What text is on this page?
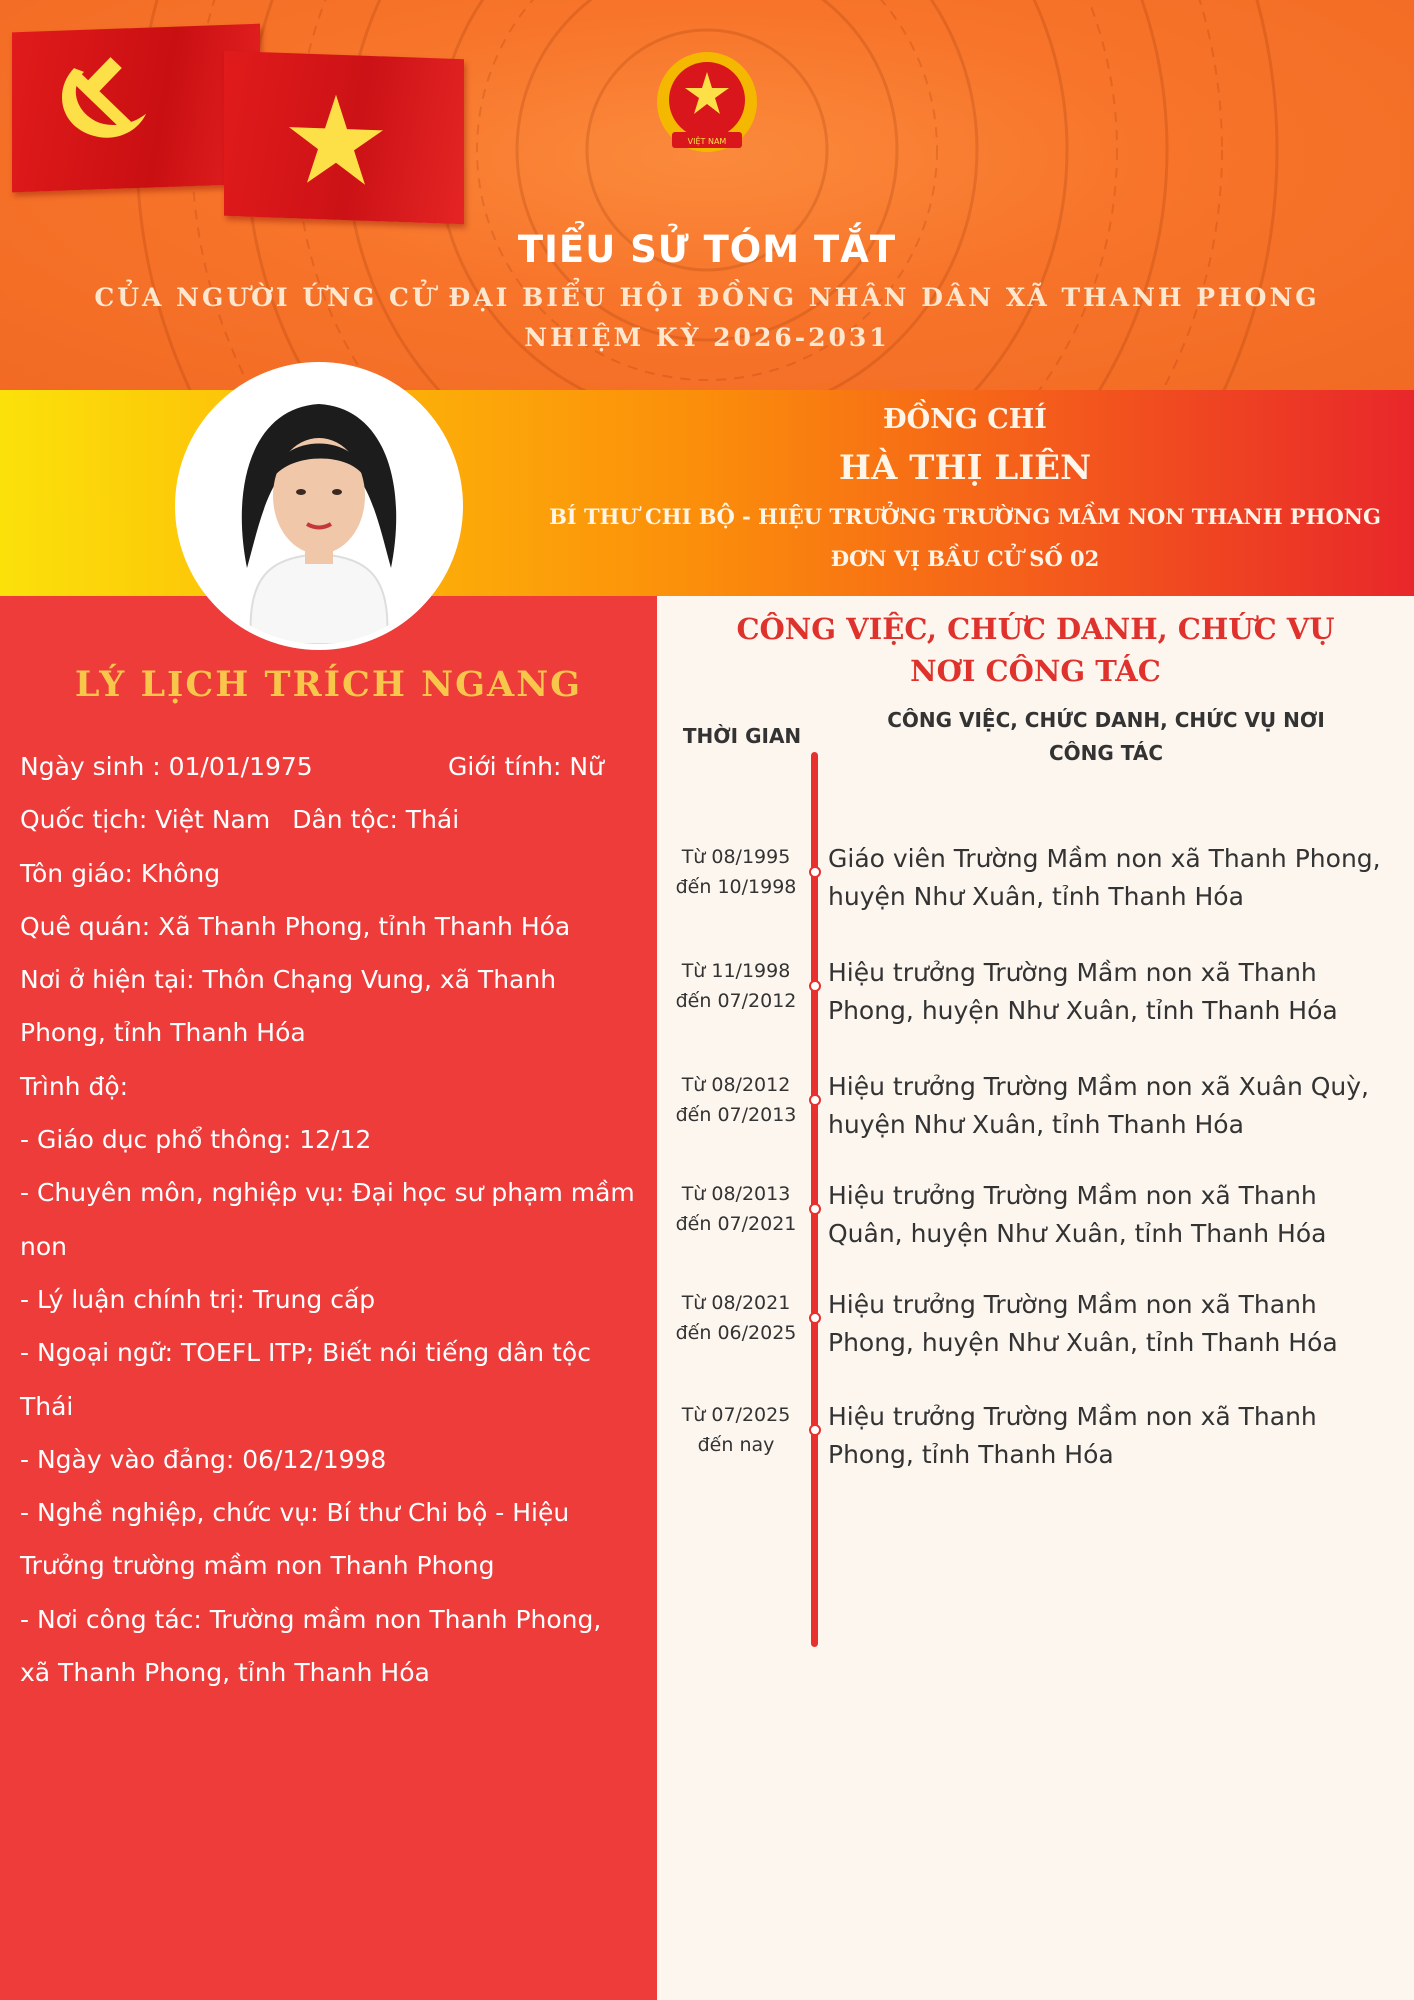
VIỆT NAM
TIỂU SỬ TÓM TẮT
CỦA NGƯỜI ỨNG CỬ ĐẠI BIỂU HỘI ĐỒNG NHÂN DÂN XÃ THANH PHONG
NHIỆM KỲ 2026-2031
ĐỒNG CHÍ
HÀ THỊ LIÊN
BÍ THƯ CHI BỘ - HIỆU TRƯỞNG TRƯỜNG MẦM NON THANH PHONG
ĐƠN VỊ BẦU CỬ SỐ 02
LÝ LỊCH TRÍCH NGANG
Ngày sinh : 01/01/1975	Giới tính: Nữ
Quốc tịch: Việt Nam Dân tộc: Thái
Tôn giáo: Không
Quê quán: Xã Thanh Phong, tỉnh Thanh Hóa
Nơi ở hiện tại: Thôn Chạng Vung, xã Thanh
Phong, tỉnh Thanh Hóa
Trình độ:
- Giáo dục phổ thông: 12/12
- Chuyên môn, nghiệp vụ: Đại học sư phạm mầm
non
- Lý luận chính trị: Trung cấp
- Ngoại ngữ: TOEFL ITP; Biết nói tiếng dân tộc
Thái
- Ngày vào đảng: 06/12/1998
- Nghề nghiệp, chức vụ: Bí thư Chi bộ - Hiệu
Trưởng trường mầm non Thanh Phong
- Nơi công tác: Trường mầm non Thanh Phong,
xã Thanh Phong, tỉnh Thanh Hóa
CÔNG VIỆC, CHỨC DANH, CHỨC VỤ
NƠI CÔNG TÁC
THỜI GIAN
CÔNG VIỆC, CHỨC DANH, CHỨC VỤ NƠI
CÔNG TÁC
Từ 08/1995
đến 10/1998
Giáo viên Trường Mầm non xã Thanh Phong,
huyện Như Xuân, tỉnh Thanh Hóa
Từ 11/1998
đến 07/2012
Hiệu trưởng Trường Mầm non xã Thanh
Phong, huyện Như Xuân, tỉnh Thanh Hóa
Từ 08/2012
đến 07/2013
Hiệu trưởng Trường Mầm non xã Xuân Quỳ,
huyện Như Xuân, tỉnh Thanh Hóa
Từ 08/2013
đến 07/2021
Hiệu trưởng Trường Mầm non xã Thanh
Quân, huyện Như Xuân, tỉnh Thanh Hóa
Từ 08/2021
đến 06/2025
Hiệu trưởng Trường Mầm non xã Thanh
Phong, huyện Như Xuân, tỉnh Thanh Hóa
Từ 07/2025
đến nay
Hiệu trưởng Trường Mầm non xã Thanh
Phong, tỉnh Thanh Hóa
